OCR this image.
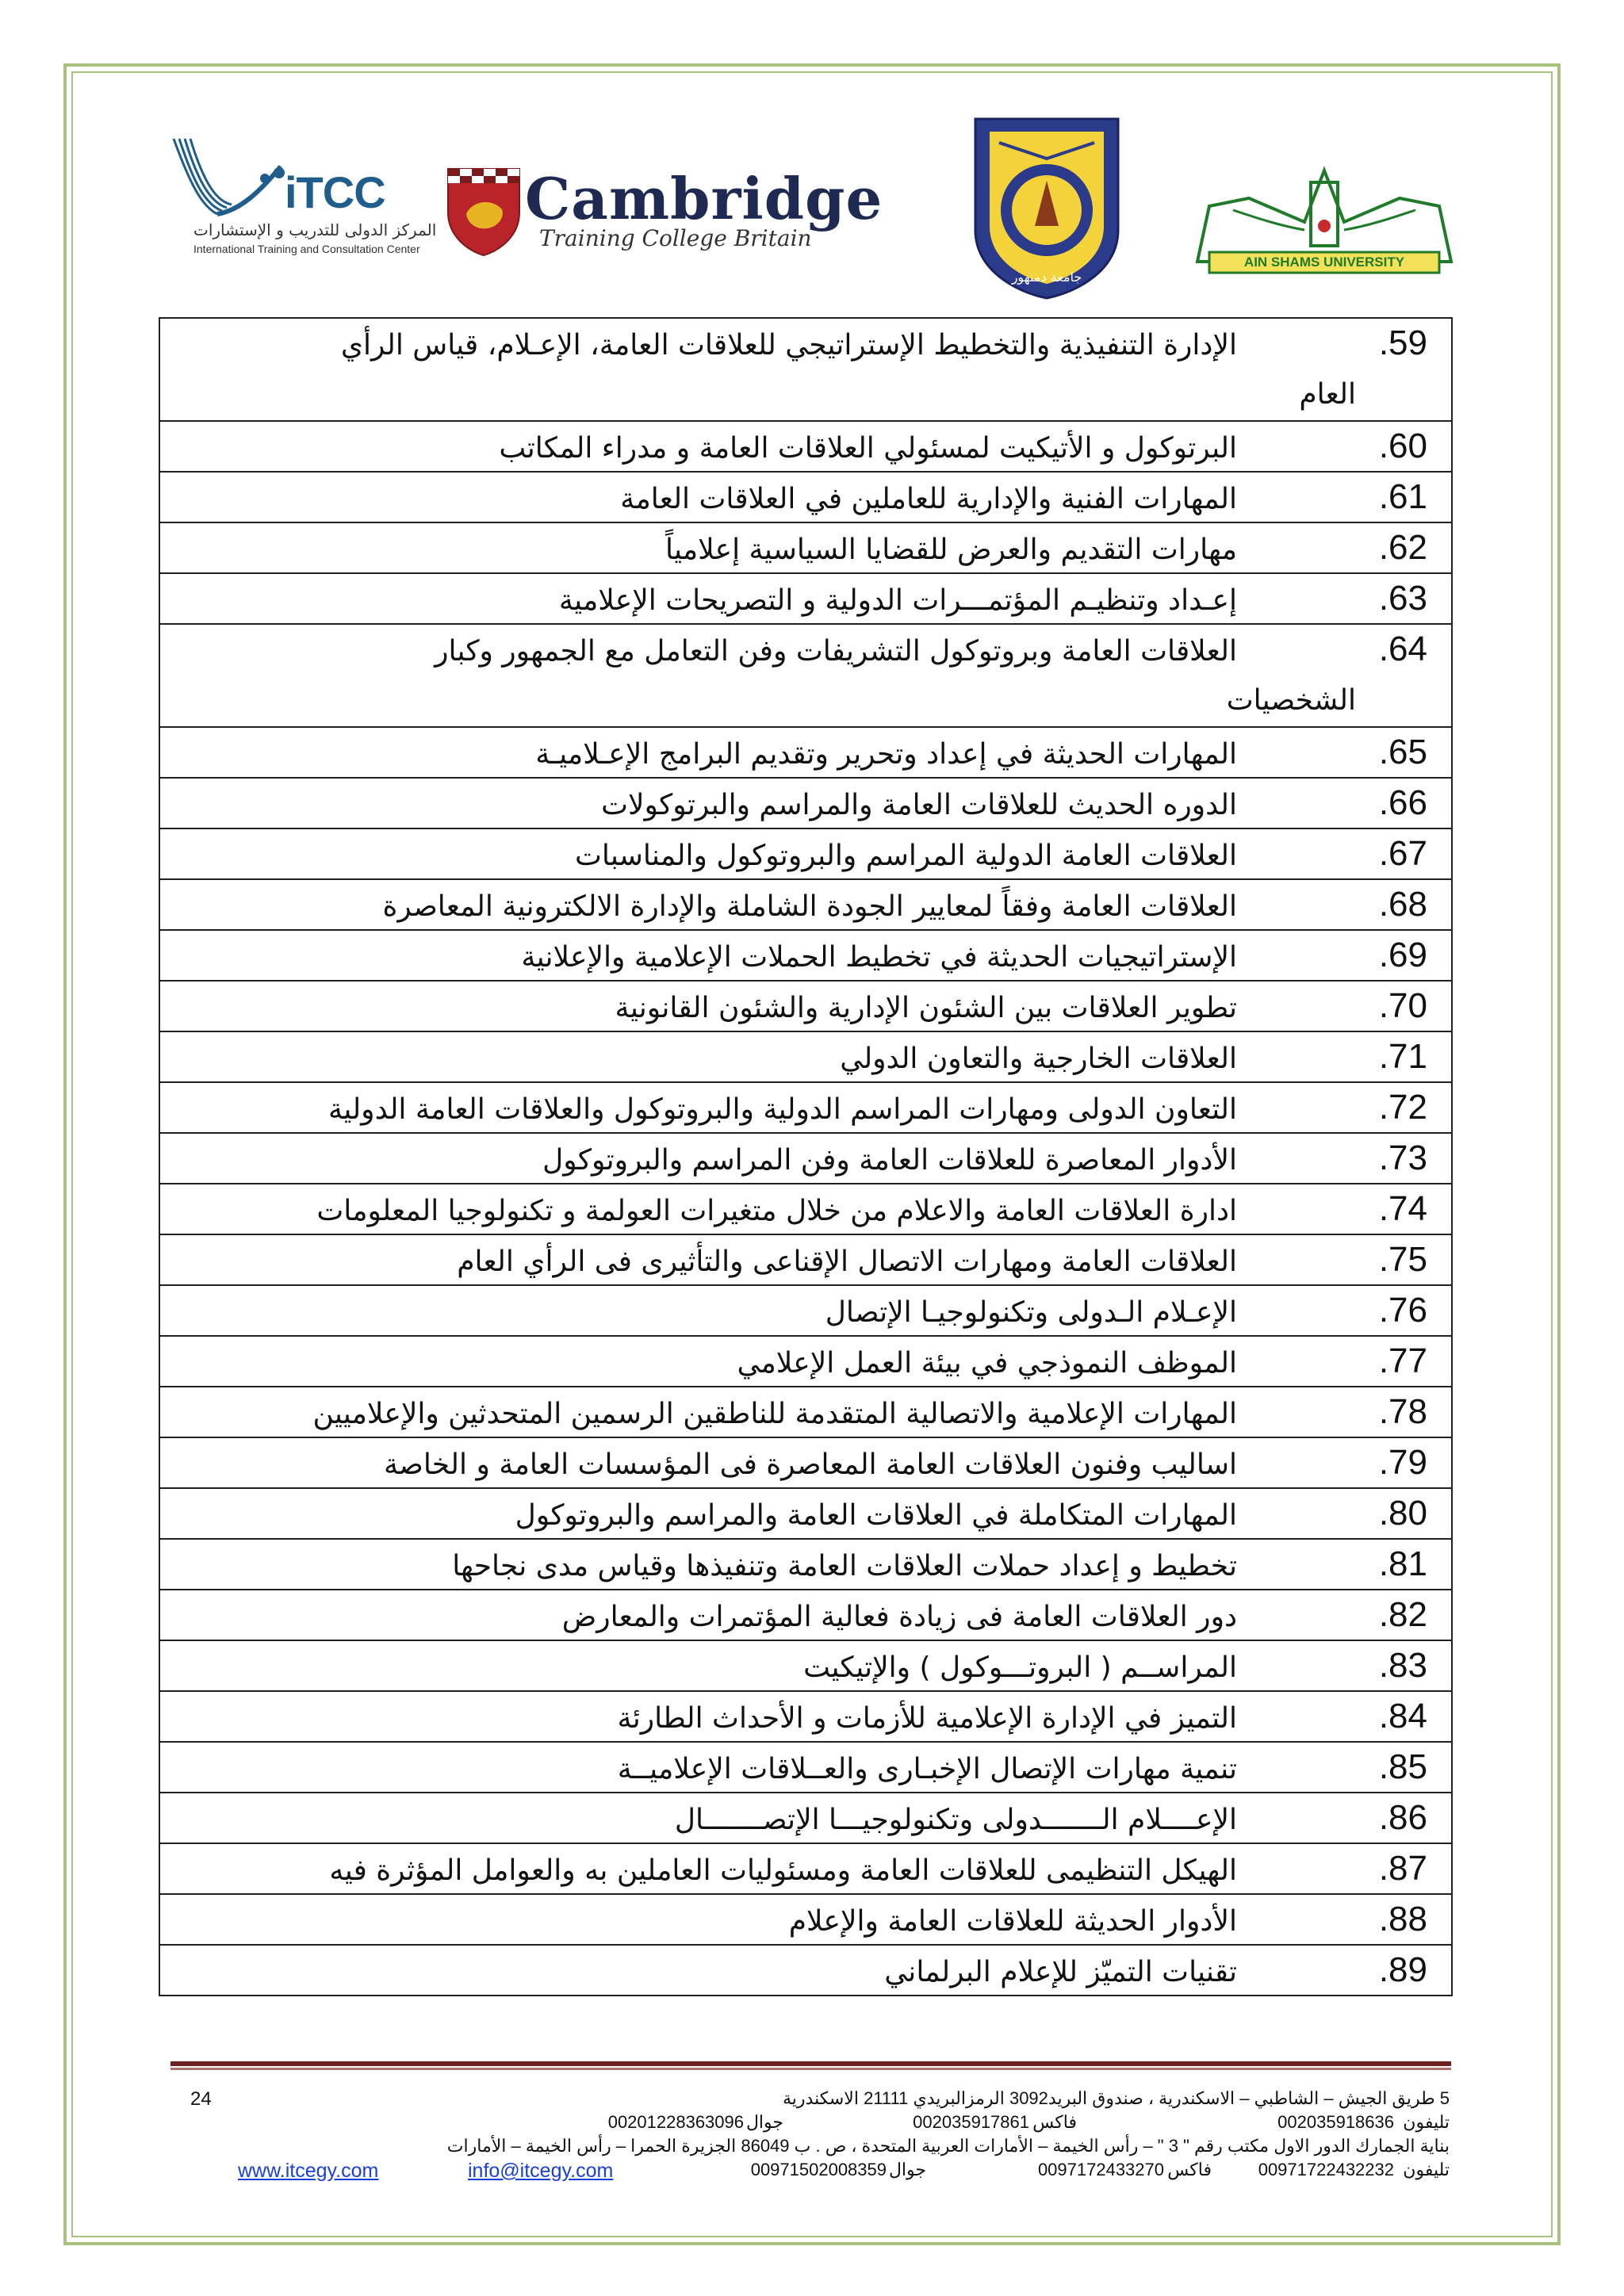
iTCC
المركز الدولى للتدريب و الإستشارات
International Training and Consultation Center
Cambridge
Training College Britain
جامعة دمنهور
AIN SHAMS UNIVERSITY
.59
الإدارة التنفيذية والتخطيط الإستراتيجي للعلاقات العامة، الإعـلام، قياس الرأي
العام

.60
البرتوكول و الأتيكيت لمسئولي العلاقات العامة و مدراء المكاتب

.61
المهارات الفنية والإدارية للعاملين في العلاقات العامة

.62
مهارات التقديم والعرض للقضايا السياسية إعلامياً

.63
إعـداد وتنظيـم المؤتمـــرات الدولية و التصريحات الإعلامية

.64
العلاقات العامة وبروتوكول التشريفات وفن التعامل مع الجمهور وكبار
الشخصيات

.65
المهارات الحديثة في إعداد وتحرير وتقديم البرامج الإعـلاميـة

.66
الدوره الحديث للعلاقات العامة والمراسم والبرتوكولات

.67
العلاقات العامة الدولية المراسم والبروتوكول والمناسبات

.68
العلاقات العامة وفقاً لمعايير الجودة الشاملة والإدارة الالكترونية المعاصرة

.69
الإستراتيجيات الحديثة في تخطيط الحملات الإعلامية والإعلانية

.70
تطوير العلاقات بين الشئون الإدارية والشئون القانونية

.71
العلاقات الخارجية والتعاون الدولي

.72
التعاون الدولى ومهارات المراسم الدولية والبروتوكول والعلاقات العامة الدولية

.73
الأدوار المعاصرة للعلاقات العامة وفن المراسم والبروتوكول

.74
ادارة العلاقات العامة والاعلام من خلال متغيرات العولمة و تكنولوجيا المعلومات

.75
العلاقات العامة ومهارات الاتصال الإقناعى والتأثيرى فى الرأي العام

.76
الإعـلام الـدولى وتكنولوجيـا الإتصال

.77
الموظف النموذجي في بيئة العمل الإعلامي

.78
المهارات الإعلامية والاتصالية المتقدمة للناطقين الرسمين المتحدثين والإعلاميين

.79
اساليب وفنون العلاقات العامة المعاصرة فى المؤسسات العامة و الخاصة

.80
المهارات المتكاملة في العلاقات العامة والمراسم والبروتوكول

.81
تخطيط و إعداد حملات العلاقات العامة وتنفيذها وقياس مدى نجاحها

.82
دور العلاقات العامة فى زيادة فعالية المؤتمرات والمعارض

.83
المراســم ( البروتـــوكول ) والإتيكيت

.84
التميز في الإدارة الإعلامية للأزمات و الأحداث الطارئة

.85
تنمية مهارات الإتصال الإخبـارى والعــلاقات الإعلاميــة

.86
الإعــــلام الـــــــدولى وتكنولوجيـــا الإتصـــــــال

.87
الهيكل التنظيمى للعلاقات العامة ومسئوليات العاملين به والعوامل المؤثرة فيه

.88
الأدوار الحديثة للعلاقات العامة والإعلام

.89
تقنيات التميّز للإعلام البرلماني
24	5 طريق الجيش – الشاطبي – الاسكندرية ، صندوق البريد3092 الرمزالبريدي 21111 الاسكندرية
تليفون
002035918636
فاكس
002035917861
جوال
00201228363096
بناية الجمارك الدور الاول مكتب رقم " 3 " – رأس الخيمة – الأمارات العربية المتحدة ، ص . ب 86049 الجزيرة الحمرا – رأس الخيمة – الأمارات
تليفون
00971722432232
فاكس
0097172433270
جوال
00971502008359
www.itcegy.com	info@itcegy.com
